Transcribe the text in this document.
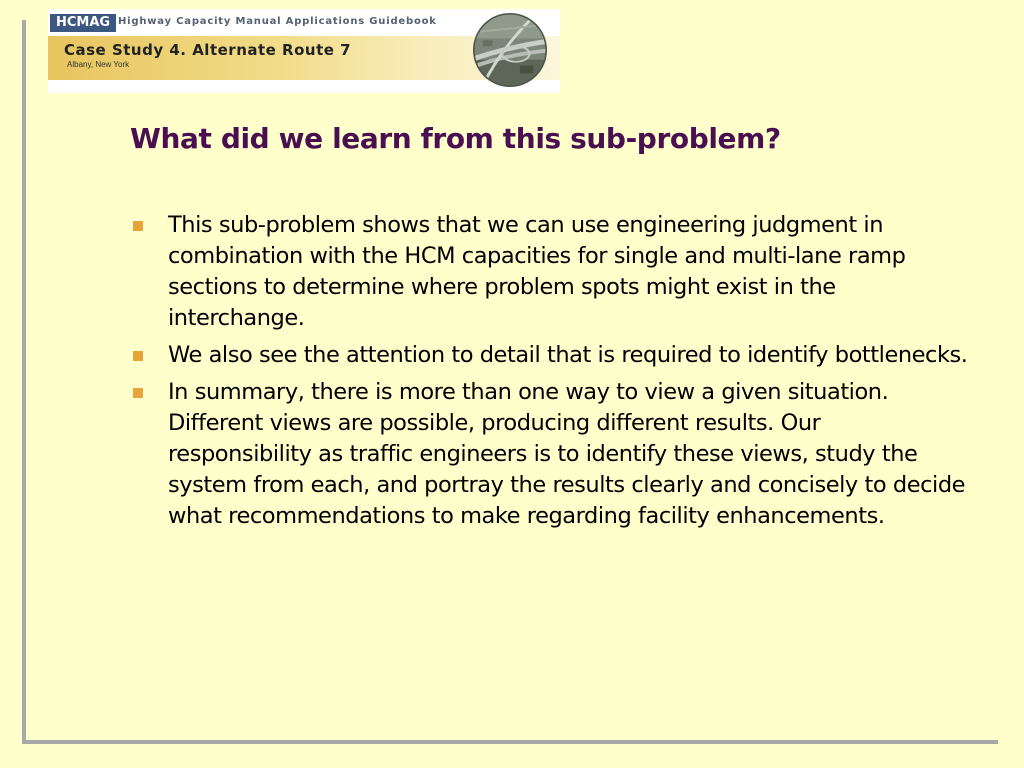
HCMAG Highway Capacity Manual Applications Guidebook
Case Study 4. Alternate Route 7
Albany, New York
What did we learn from this sub-problem?
This sub-problem shows that we can use engineering judgment in combination with the HCM capacities for single and multi-lane ramp sections to determine where problem spots might exist in the interchange.
We also see the attention to detail that is required to identify bottlenecks.
In summary, there is more than one way to view a given situation. Different views are possible, producing different results. Our responsibility as traffic engineers is to identify these views, study the system from each, and portray the results clearly and concisely to decide what recommendations to make regarding facility enhancements.
